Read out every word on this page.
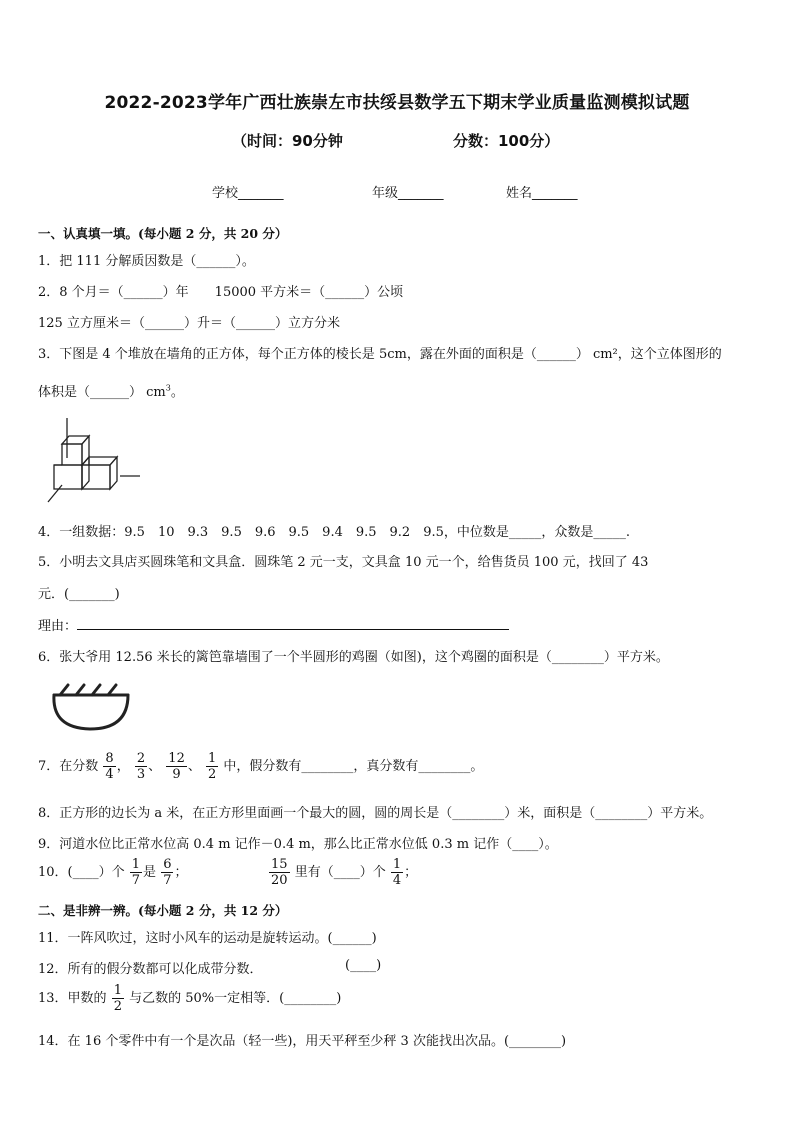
2022-2023学年广西壮族崇左市扶绥县数学五下期末学业质量监测模拟试题
（时间：90分钟	分数：100分）
学校_______	年级_______	姓名_______
一、认真填一填。(每小题 2 分，共 20 分）
1．把 111 分解质因数是（______）。
2．8 个月＝（______）年　　15000 平方米＝（______）公顷
125 立方厘米＝（______）升＝（______）立方分米
3．下图是 4 个堆放在墙角的正方体，每个正方体的棱长是 5cm，露在外面的面积是（______） cm²，这个立体图形的
体积是（______） $cm^3$。
4．一组数据：9.5　10　9.3　9.5　9.6　9.5　9.4　9.5　9.2　9.5，中位数是_____，众数是_____.
5．小明去文具店买圆珠笔和文具盒．圆珠笔 2 元一支，文具盒 10 元一个，给售货员 100 元，找回了 43
元．(_______)
理由：
6．张大爷用 12.56 米长的篱笆靠墙围了一个半圆形的鸡圈（如图)，这个鸡圈的面积是（________）平方米。
7．在分数 $\frac{8}{4}$ ， $\frac{2}{3}$ 、 $\frac{12}{9}$ 、 $\frac{1}{2}$ 中，假分数有________，真分数有________。
8．正方形的边长为 a 米，在正方形里面画一个最大的圆，圆的周长是（________）米，面积是（________）平方米。
9．河道水位比正常水位高 0.4 m 记作－0.4 m，那么比正常水位低 0.3 m 记作（____）。
10．(____）个 $\frac{1}{7}$ 是 $\frac{6}{7}$ ；	$\frac{15}{20}$ 里有（____）个 $\frac{1}{4}$ ；
二、是非辨一辨。(每小题 2 分，共 12 分）
11．一阵风吹过，这时小风车的运动是旋转运动。(______)
12．所有的假分数都可以化成带分数．	(____)
13．甲数的 $\frac{1}{2}$ 与乙数的 50%一定相等．(________)
14．在 16 个零件中有一个是次品（轻一些)，用天平秤至少秤 3 次能找出次品。(________)
